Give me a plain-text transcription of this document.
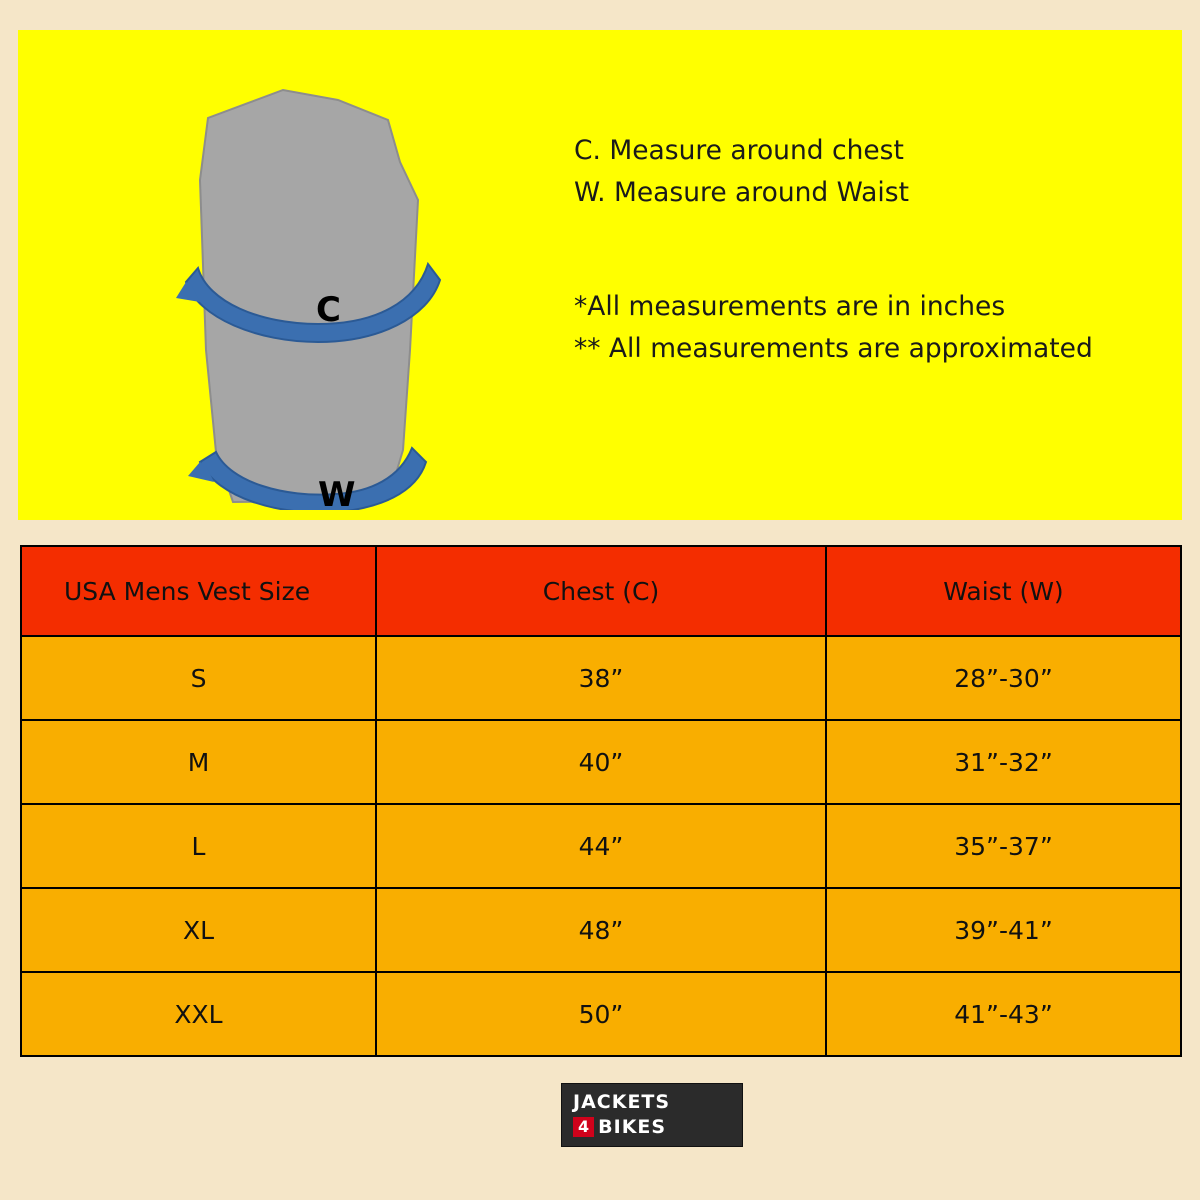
C
W
C. Measure around chest
W. Measure around Waist
*All measurements are in inches
** All measurements are approximated
USA Mens Vest Size	Chest (C)	Waist (W)
S	38”	28”-30”
M	40”	31”-32”
L	44”	35”-37”
XL	48”	39”-41”
XXL	50”	41”-43”
JACKETS
4 BIKES
